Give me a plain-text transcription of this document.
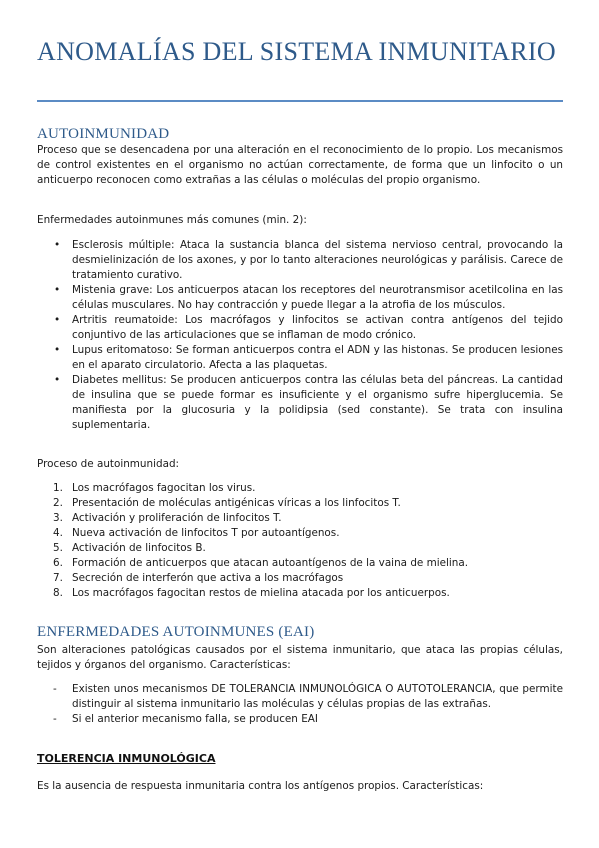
ANOMALÍAS DEL SISTEMA INMUNITARIO
AUTOINMUNIDAD
Proceso que se desencadena por una alteración en el reconocimiento de lo propio. Los mecanismos de control existentes en el organismo no actúan correctamente, de forma que un linfocito o un anticuerpo reconocen como extrañas a las células o moléculas del propio organismo.
Enfermedades autoinmunes más comunes (min. 2):
• Esclerosis múltiple: Ataca la sustancia blanca del sistema nervioso central, provocando la desmielinización de los axones, y por lo tanto alteraciones neurológicas y parálisis. Carece de tratamiento curativo.
• Mistenia grave: Los anticuerpos atacan los receptores del neurotransmisor acetilcolina en las células musculares. No hay contracción y puede llegar a la atrofia de los músculos.
• Artritis reumatoide: Los macrófagos y linfocitos se activan contra antígenos del tejido conjuntivo de las articulaciones que se inflaman de modo crónico.
• Lupus eritomatoso: Se forman anticuerpos contra el ADN y las histonas. Se producen lesiones en el aparato circulatorio. Afecta a las plaquetas.
• Diabetes mellitus: Se producen anticuerpos contra las células beta del páncreas. La cantidad de insulina que se puede formar es insuficiente y el organismo sufre hiperglucemia. Se manifiesta por la glucosuria y la polidipsia (sed constante). Se trata con insulina suplementaria.
Proceso de autoinmunidad:
1. Los macrófagos fagocitan los virus.
2. Presentación de moléculas antigénicas víricas a los linfocitos T.
3. Activación y proliferación de linfocitos T.
4. Nueva activación de linfocitos T por autoantígenos.
5. Activación de linfocitos B.
6. Formación de anticuerpos que atacan autoantígenos de la vaina de mielina.
7. Secreción de interferón que activa a los macrófagos
8. Los macrófagos fagocitan restos de mielina atacada por los anticuerpos.
ENFERMEDADES AUTOINMUNES (EAI)
Son alteraciones patológicas causados por el sistema inmunitario, que ataca las propias células, tejidos y órganos del organismo. Características:
- Existen unos mecanismos DE TOLERANCIA INMUNOLÓGICA O AUTOTOLERANCIA, que permite distinguir al sistema inmunitario las moléculas y células propias de las extrañas.
- Si el anterior mecanismo falla, se producen EAI
TOLERENCIA INMUNOLÓGICA
Es la ausencia de respuesta inmunitaria contra los antígenos propios. Características:
